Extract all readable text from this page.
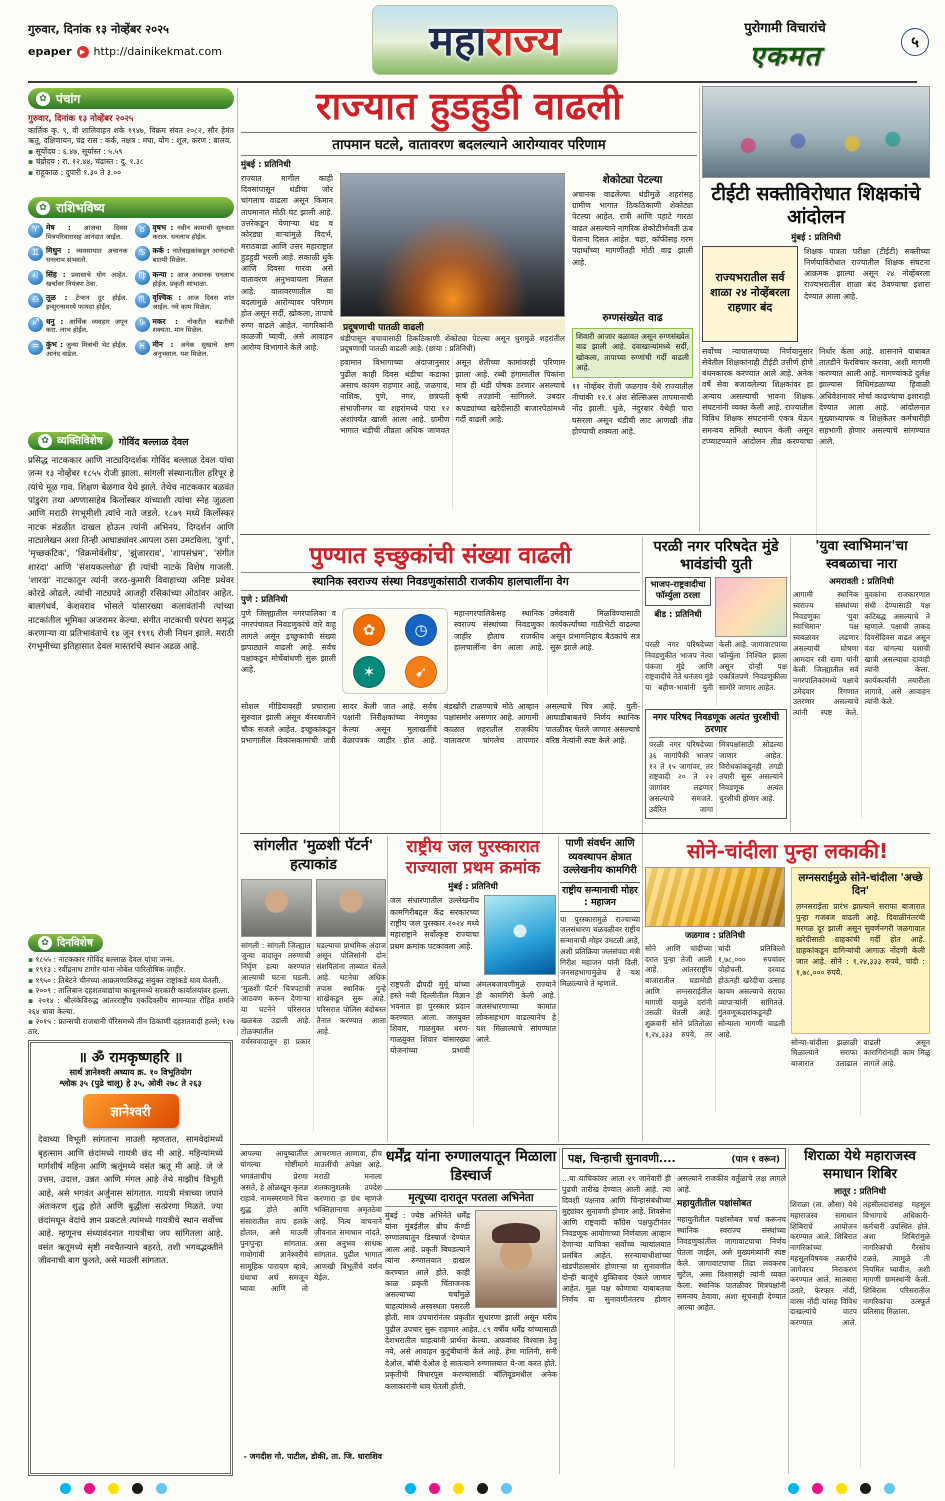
गुरुवार, दिनांक १३ नोव्हेंबर २०२५
epaper ▶ http://dainikekmat.com	महा राज्य	पुरोगामी विचारांचे
एकमत	५
✿
पंचांग
गुरुवार, दिनांक १३ नोव्हेंबर २०२५
कार्तिक कृ. ९, वी शालिवाहन शके १९४७, विक्रम संवत २०८२, सौर हेमंत ऋतू, दक्षिणायन, चंद्र रास : कर्क, नक्षत्र : मघा, योग : शूल, करण : बालव.
▪ सूर्योदय : ६.४७, सूर्यास्त : ५.५९
▪ चंद्रोदय : रा. १२.४४, चंद्रास्त : दु. १.३८
▪ राहूकाळ : दुपारी १.३० ते ३.००
✿
राशिभविष्य
♈ मेष : आजचा दिवस मित्रपरिवारासह आनंदात जाईल.
♉ वृषभ : नवीन कामाची सुरुवात कराल. धनलाभ होईल.
♊ मिथुन : व्यवसायात अचानक धनलाभ संभवतो.
♋ कर्क : नातेवाइकांकडून आनंदाची बातमी मिळेल.
♌ सिंह : प्रवासाचे योग आहेत. खर्चावर नियंत्रण ठेवा.
♍ कन्या : आज अचानक धनलाभ होईल. प्रकृती सांभाळा.
♎ तूळ : टेन्शन दूर होईल. इन्शुरन्समध्ये फायदा होईल.
♏ वृश्चिक : आज दिवस शांत जाईल. नवे काम मिळेल.
♐ धनु : आर्थिक व्यवहार जपून करा. लाभ होईल.
♑ मकर : नोकरीत बढतीची शक्यता. मान मिळेल.
♒ कुंभ : जुन्या मित्रांची भेट होईल. आनंद वाढेल.
♓ मीन : अनेक सुखाचे क्षण अनुभवाल. यश मिळेल.
✿
व्यक्तिविशेष गोविंद बल्लाळ देवल
प्रसिद्ध नाटककार आणि नाट्यदिग्दर्शक गोविंद बल्लाळ देवल यांचा जन्म १३ नोव्हेंबर १८५५ रोजी झाला. सांगली संस्थानातील हरिपूर हे त्यांचे मूळ गाव. शिक्षण बेळगाव येथे झाले. तेथेच नाटककार बळवंत पांडुरंग तथा अण्णासाहेब किर्लोस्कर यांच्याशी त्यांचा स्नेह जुळला आणि मराठी रंगभूमीशी त्यांचे नाते जडले. १८७९ मध्ये किर्लोस्कर नाटक मंडळीत दाखल होऊन त्यांनी अभिनय, दिग्दर्शन आणि नाट्यलेखन अशा तिन्ही आघाड्यांवर आपला ठसा उमटविला. 'दुर्गा', 'मृच्छकटिक', 'विक्रमोर्वशीय', 'झुंजारराव', 'शापसंभ्रम', 'संगीत शारदा' आणि 'संशयकल्लोळ' ही त्यांची नाटके विशेष गाजली. 'शारदा' नाटकातून त्यांनी जरठ-कुमारी विवाहाच्या अनिष्ट प्रथेवर कोरडे ओढले. त्यांची नाट्यपदे आजही रसिकांच्या ओठांवर आहेत. बालगंधर्व, केशवराव भोसले यांसारख्या कलावंतांनी त्यांच्या नाटकांतील भूमिका अजरामर केल्या. संगीत नाटकाची परंपरा समृद्ध करणाऱ्या या प्रतिभावंताचे १४ जून १९१६ रोजी निधन झाले. मराठी रंगभूमीच्या इतिहासात देवल मास्तरांचे स्थान अढळ आहे.
✿
दिनविशेष
▪ १८५५ : नाटककार गोविंद बल्लाळ देवल यांचा जन्म.
▪ १९१३ : रवींद्रनाथ टागोर यांना नोबेल पारितोषिक जाहीर.
▪ १९५० : तिबेटने चीनच्या आक्रमणाविरुद्ध संयुक्त राष्ट्रांकडे धाव घेतली.
▪ २००९ : तालिबान दहशतवाद्यांचा काबूलमध्ये सरकारी कार्यालयांवर हल्ला.
▪ २०१४ : श्रीलंकेविरुद्ध आंतरराष्ट्रीय एकदिवसीय सामन्यात रोहित शर्माने २६४ धावा केल्या.
▪ २०१५ : फ्रान्सची राजधानी पॅरिसमध्ये तीन ठिकाणी दहशतवादी हल्ले; १२७ ठार.
॥ ॐ रामकृष्णहरि ॥
सार्थ ज्ञानेश्वरी अध्याय क्र. १० विभूतियोग
श्लोक ३५ (पुढे चालू) हे ३५, ओवी २७८ ते २६३
ज्ञानेश्वरी
देवाच्या विभूती सांगताना माउली म्हणतात, सामवेदांमध्ये बृहत्साम आणि छंदांमध्ये गायत्री छंद मी आहे. महिन्यांमध्ये मार्गशीर्ष महिना आणि ऋतूंमध्ये वसंत ऋतू मी आहे. जे जे उत्तम, उदात्त, उन्नत आणि मंगल आहे तेथे माझीच विभूती आहे, असे भगवंत अर्जुनास सांगतात. गायत्री मंत्राच्या जपाने अंतःकरण शुद्ध होते आणि बुद्धीला सत्प्रेरणा मिळते. ज्या छंदांमधून वेदांचे ज्ञान प्रकटले त्यांमध्ये गायत्रीचे स्थान सर्वोच्च आहे. म्हणूनच संध्यावंदनात गायत्रीचा जप सांगितला आहे. वसंत ऋतूमध्ये सृष्टी नवचैतन्याने बहरते, तशी भगवद्भक्तीने जीवनाची बाग फुलते, असे माउली सांगतात.
आपल्या आयुष्यातील चांगल्या गोष्टींमागे भगवंताचीच प्रेरणा असते, हे ओळखून कृतज्ञ राहावे. नामस्मरणाने चित्त शुद्ध होते आणि संसारातील ताप हलके होतात, असे माउली पुनःपुन्हा सांगतात. गावोगावी ज्ञानेश्वरीचे सामूहिक पारायण व्हावे, ग्रंथाचा अर्थ समजून घ्यावा आणि तो आचरणात आणावा, हीच माउलींची अपेक्षा आहे. मराठी मनाला शतकानुशतके उपदेश करणारा हा ग्रंथ म्हणजे भक्तिज्ञानाचा अमृतठेवा आहे. नित्य वाचनाने जीवनात समाधान नांदते, असा अनुभव साधक सांगतात. पुढील भागात आणखी विभूतींचे वर्णन येईल.
- जगदीश गो. पाटील, डोकी, ता. जि. धाराशिव
राज्यात हुडहुडी वाढली
तापमान घटले, वातावरण बदलल्याने आरोग्यावर परिणाम
मुंबई : प्रतिनिधी
राज्यात मागील काही दिवसांपासून थंडीचा जोर चांगलाच वाढला असून किमान तापमानात मोठी घट झाली आहे. उत्तरेकडून येणाऱ्या थंड व कोरड्या वाऱ्यांमुळे विदर्भ, मराठवाडा आणि उत्तर महाराष्ट्रात हुडहुडी भरली आहे. सकाळी धुके आणि दिवसा गारवा असे वातावरण अनुभवायला मिळत आहे. वातावरणातील या बदलामुळे आरोग्यावर परिणाम होत असून सर्दी, खोकला, तापाचे रुग्ण वाढले आहेत. नागरिकांनी काळजी घ्यावी, असे आवाहन आरोग्य विभागाने केले आहे.
प्रदूषणाची पातळी वाढली
थंडीपासून बचावासाठी ठिकठिकाणी शेकोट्या पेटल्या असून धुरामुळे शहरांतील प्रदूषणाची पातळी वाढली आहे. (छाया : प्रतिनिधी)
हवामान विभागाच्या अंदाजानुसार पुढील काही दिवस थंडीचा कडाका असाच कायम राहणार आहे. जळगाव, नाशिक, पुणे, नगर, छत्रपती संभाजीनगर या शहरांमध्ये पारा १२ अंशांपर्यंत खाली आला आहे. ग्रामीण भागात थंडीची तीव्रता अधिक जाणवत असून शेतीच्या कामांवरही परिणाम झाला आहे. रब्बी हंगामातील पिकांना मात्र ही थंडी पोषक ठरणार असल्याचे कृषी तज्ज्ञांनी सांगितले. उबदार कपड्यांच्या खरेदीसाठी बाजारपेठांमध्ये गर्दी वाढली आहे.
शेकोट्या पेटल्या
अचानक वाढलेल्या थंडीमुळे शहरांसह ग्रामीण भागात ठिकठिकाणी शेकोट्या पेटल्या आहेत. रात्री आणि पहाटे गारठा वाढत असल्याने नागरिक शेकोटीभोवती ऊब घेताना दिसत आहेत. चहा, कॉफीसह गरम पदार्थांच्या मागणीतही मोठी वाढ झाली आहे.
रुग्णसंख्येत वाढ
शिवारी आजार बळावत असून रुग्णसंख्येत वाढ झाली आहे. दवाखान्यांमध्ये सर्दी, खोकला, तापाच्या रुग्णांची गर्दी वाढली आहे.
११ नोव्हेंबर रोजी जळगाव येथे राज्यातील नीचांकी १२.१ अंश सेल्सिअस तापमानाची नोंद झाली. धुळे, नंदुरबार येथेही पारा घसरला असून थंडीची लाट आणखी तीव्र होण्याची शक्यता आहे.
टीईटी सक्तीविरोधात शिक्षकांचे आंदोलन
मुंबई : प्रतिनिधी
राज्यभरातील सर्व शाळा २४ नोव्हेंबरला राहणार बंद
शिक्षक पात्रता परीक्षा (टीईटी) सक्तीच्या निर्णयाविरोधात राज्यातील शिक्षक संघटना आक्रमक झाल्या असून २४ नोव्हेंबरला राज्यभरातील शाळा बंद ठेवण्याचा इशारा देण्यात आला आहे.
सर्वोच्च न्यायालयाच्या निर्णयानुसार सेवेतील शिक्षकांनाही टीईटी उत्तीर्ण होणे बंधनकारक करण्यात आले आहे. अनेक वर्षे सेवा बजावलेल्या शिक्षकांवर हा अन्याय असल्याची भावना शिक्षक संघटनांनी व्यक्त केली आहे. राज्यातील विविध शिक्षक संघटनांनी एकत्र येऊन समन्वय समिती स्थापन केली असून टप्प्याटप्प्याने आंदोलन तीव्र करण्याचा निर्धार केला आहे. शासनाने याबाबत तातडीने फेरविचार करावा, अशी मागणी करण्यात आली आहे. मागण्यांकडे दुर्लक्ष झाल्यास विधिमंडळाच्या हिवाळी अधिवेशनावर मोर्चा काढण्याचा इशाराही देण्यात आला आहे. आंदोलनात मुख्याध्यापक व शिक्षकेतर कर्मचारीही सहभागी होणार असल्याचे सांगण्यात आले.
पुण्यात इच्छुकांची संख्या वाढली
स्थानिक स्वराज्य संस्था निवडणुकांसाठी राजकीय हालचालींना वेग
पुणे : प्रतिनिधी
पुणे जिल्ह्यातील नगरपालिका व नगरपंचायत निवडणुकांचे वारे वाहू लागले असून इच्छुकांची संख्या झपाट्याने वाढली आहे. सर्वच पक्षांकडून मोर्चेबांधणी सुरू झाली आहे.
✿	◷
✶	➹
महानगरपालिकेसह स्थानिक स्वराज्य संस्थांच्या निवडणुका जाहीर होताच राजकीय हालचालींना वेग आला आहे. उमेदवारी मिळविण्यासाठी कार्यकर्त्यांच्या गाठीभेटी वाढल्या असून प्रभागनिहाय बैठकांचे सत्र सुरू झाले आहे.
सोशल मीडियावरही प्रचाराला सुरुवात झाली असून बॅनरबाजीने चौक सजले आहेत. इच्छुकांकडून प्रभागातील विकासकामांची जंत्री सादर केली जात आहे. सर्वच पक्षांनी निरीक्षकांच्या नेमणुका केल्या असून मुलाखतींचे वेळापत्रक जाहीर होत आहे. बंडखोरी टाळण्याचे मोठे आव्हान पक्षांसमोर असणार आहे. आगामी काळात शहरातील राजकीय वातावरण चांगलेच तापणार असल्याचे चित्र आहे. युती-आघाडीबाबतचे निर्णय स्थानिक पातळीवर घेतले जाणार असल्याचे वरिष्ठ नेत्यांनी स्पष्ट केले आहे.
परळी नगर परिषदेत मुंडे भावंडांची युती
भाजप-राष्ट्रवादीचा फॉर्म्युला ठरला
बीड : प्रतिनिधी
परळी नगर परिषदेच्या निवडणुकीत भाजप नेत्या पंकजा मुंडे आणि राष्ट्रवादीचे नेते धनंजय मुंडे या बहीण-भावांनी युती केली आहे. जागावाटपाचा फॉर्म्युला निश्चित झाला असून दोन्ही पक्ष एकत्रितपणे निवडणुकीला सामोरे जाणार आहेत.
नगर परिषद निवडणूक अत्यंत चुरशीची ठरणार
परळी नगर परिषदेच्या ३६ जागांपैकी भाजप १२ ते १५ जागांवर, तर राष्ट्रवादी २० ते २२ जागांवर लढणार असल्याचे समजते. उर्वरित जागा मित्रपक्षांसाठी सोडल्या जाणार आहेत. विरोधकांकडूनही तगडी तयारी सुरू असल्याने निवडणूक अत्यंत चुरशीची होणार आहे.
'युवा स्वाभिमान'चा स्वबळाचा नारा
अमरावती : प्रतिनिधी
आगामी स्थानिक स्वराज्य संस्थांच्या निवडणुका 'युवा स्वाभिमान' पक्ष स्वबळावर लढणार असल्याची घोषणा आमदार रवी राणा यांनी केली. जिल्ह्यातील सर्व नगरपालिकांमध्ये पक्षाचे उमेदवार रिंगणात उतरणार असल्याचे त्यांनी स्पष्ट केले. युवकांना राजकारणात संधी देण्यासाठी पक्ष कटिबद्ध असल्याचे ते म्हणाले. पक्षाची ताकद दिवसेंदिवस वाढत असून यंदा चांगल्या यशाची खात्री असल्याचा दावाही त्यांनी केला. कार्यकर्त्यांनी तयारीला लागावे, असे आवाहन त्यांनी केले.
सांगलीत 'मुळशी पॅटर्न' हत्याकांड
सांगली : सांगली जिल्ह्यात जुन्या वादातून तरुणाची निर्घृण हत्या करण्यात आल्याची घटना घडली. 'मुळशी पॅटर्न' चित्रपटाची आठवण करून देणाऱ्या या घटनेने परिसरात खळबळ उडाली आहे. टोळक्यांतील वर्चस्ववादातून हा प्रकार घडल्याचा प्राथमिक अंदाज असून पोलिसांनी दोन संशयितांना ताब्यात घेतले आहे. घटनेचा अधिक तपास स्थानिक गुन्हे शाखेकडून सुरू आहे. परिसरात पोलिस बंदोबस्त तैनात करण्यात आला आहे.
राष्ट्रीय जल पुरस्कारात राज्याला प्रथम क्रमांक
मुंबई : प्रतिनिधी
जल संधारणातील उल्लेखनीय कामगिरीबद्दल केंद्र सरकारच्या राष्ट्रीय जल पुरस्कार २०२४ मध्ये महाराष्ट्राने सर्वोत्कृष्ट राज्याचा प्रथम क्रमांक पटकावला आहे.
राष्ट्रपती द्रौपदी मुर्मू यांच्या हस्ते नवी दिल्लीतील विज्ञान भवनात हा पुरस्कार प्रदान करण्यात आला. जलयुक्त शिवार, गाळमुक्त धरण-गाळयुक्त शिवार यांसारख्या योजनांच्या प्रभावी अंमलबजावणीमुळे राज्याने ही कामगिरी केली आहे. जलसंधारणाच्या कामांत लोकसहभाग वाढल्यानेच हे यश मिळाल्याचे सांगण्यात आले.
पाणी संवर्धन आणि व्यवस्थापन क्षेत्रात उल्लेखनीय कामगिरी
राष्ट्रीय सन्मानाची मोहर : महाजन
या पुरस्कारामुळे राज्याच्या जलसंधारण चळवळीवर राष्ट्रीय सन्मानाची मोहर उमटली आहे, अशी प्रतिक्रिया जलसंपदा मंत्री गिरीश महाजन यांनी दिली. जनसहभागामुळेच हे यश मिळाल्याचे ते म्हणाले.
सोने-चांदीला पुन्हा लकाकी!
जळगाव : प्रतिनिधी
सोने आणि चांदीच्या दरात पुन्हा तेजी आली आहे. आंतरराष्ट्रीय बाजारातील घडामोडी आणि लग्नसराईतील मागणी यामुळे दरांनी उसळी घेतली आहे. शुक्रवारी सोने प्रतितोळा १,२४,३३३ रुपये, तर चांदी प्रतिकिलो १,७८,००० रुपयांवर पोहोचली. दरवाढ होऊनही खरेदीचा उत्साह कायम असल्याचे सराफा व्यापाऱ्यांनी सांगितले. गुंतवणूकदारांकडूनही सोन्याला मागणी वाढली आहे.
लग्नसराईमुळे सोने-चांदीला 'अच्छे दिन'
लग्नसराईला प्रारंभ झाल्याने सराफा बाजारात पुन्हा गजबज वाढली आहे. दिवाळीनंतरची मरगळ दूर झाली असून सुवर्णनगरी जळगावात खरेदीसाठी ग्राहकांची गर्दी होत आहे. ग्राहकांकडून दागिन्यांची आगाऊ नोंदणी केली जात आहे. सोने : १,२४,३३३ रुपये, चांदी : १,७८,००० रुपये.
सोन्या-चांदीला झळाळी मिळाल्याने सराफा बाजारात उलाढाल वाढली असून कारागिरांनाही काम मिळू लागले आहे.
धर्मेंद्र यांना रुग्णालयातून मिळाला डिस्चार्ज
मृत्यूच्या दारातून परतला अभिनेता
मुंबई : ज्येष्ठ अभिनेते धर्मेंद्र यांना मुंबईतील ब्रीच कॅण्डी रुग्णालयातून डिस्चार्ज देण्यात आला आहे. प्रकृती बिघडल्याने त्यांना रुग्णालयात दाखल करण्यात आले होते. काही काळ प्रकृती चिंताजनक असल्याच्या चर्चांमुळे चाहत्यांमध्ये अस्वस्थता पसरली होती. मात्र उपचारांनंतर प्रकृतीत सुधारणा झाली असून घरीच पुढील उपचार सुरू राहणार आहेत. ८९ वर्षीय धर्मेंद्र यांच्यासाठी देशभरातील चाहत्यांनी प्रार्थना केल्या. अफवांवर विश्वास ठेवू नये, असे आवाहन कुटुंबीयांनी केले आहे. हेमा मालिनी, सनी देओल, बॉबी देओल हे सातत्याने रुग्णालयात ये-जा करत होते. प्रकृतीची विचारपूस करण्यासाठी बॉलिवूडमधील अनेक कलाकारांनी धाव घेतली होती.
पक्ष, चिन्हाची सुनावणी....	(पान १ वरून)
...या याचिकांवर आता २१ जानेवारी ही पुढची तारीख देण्यात आली आहे. त्या दिवशी पक्षनाव आणि चिन्हासंबंधीच्या मुद्द्यांवर सुनावणी होणार आहे. शिवसेना आणि राष्ट्रवादी काँग्रेस पक्षफुटीनंतर निवडणूक आयोगाच्या निर्णयाला आव्हान देणाऱ्या याचिका सर्वोच्च न्यायालयात प्रलंबित आहेत. सरन्यायाधीशांच्या खंडपीठासमोर होणाऱ्या या सुनावणीत दोन्ही बाजूंचे युक्तिवाद ऐकले जाणार आहेत. मूळ पक्ष कोणाचा याबाबतचा निर्णय या सुनावणीनंतरच होणार असल्याने राजकीय वर्तुळाचे लक्ष लागले आहे.
महायुतीतील पक्षांसोबत
महायुतीतील पक्षांसोबत चर्चा करूनच स्थानिक स्वराज्य संस्थांच्या निवडणुकांतील जागावाटपाचा निर्णय घेतला जाईल, असे मुख्यमंत्र्यांनी स्पष्ट केले. जागावाटपाचा तिढा लवकरच सुटेल, असा विश्वासही त्यांनी व्यक्त केला. स्थानिक पातळीवर मित्रपक्षांनी समन्वय ठेवावा, अशा सूचनाही देण्यात आल्या आहेत.
शिराळा येथे महाराजस्व समाधान शिबिर
लातूर : प्रतिनिधी
शिराळा (ता. औसा) येथे महाराजस्व समाधान शिबिराचे आयोजन करण्यात आले. शिबिरात नागरिकांच्या महसूलविषयक तक्रारींचे जागेवरच निराकरण करण्यात आले. सातबारा उतारे, फेरफार नोंदी, वारस नोंदी यांसह विविध दाखल्यांचे वाटप करण्यात आले. तहसीलदारांसह महसूल विभागाचे अधिकारी-कर्मचारी उपस्थित होते. अशा शिबिरांमुळे नागरिकांची गैरसोय टळते, त्यामुळे ती नियमित घ्यावीत, अशी मागणी ग्रामस्थांनी केली. शिबिरास परिसरातील नागरिकांचा उत्स्फूर्त प्रतिसाद मिळाला.
